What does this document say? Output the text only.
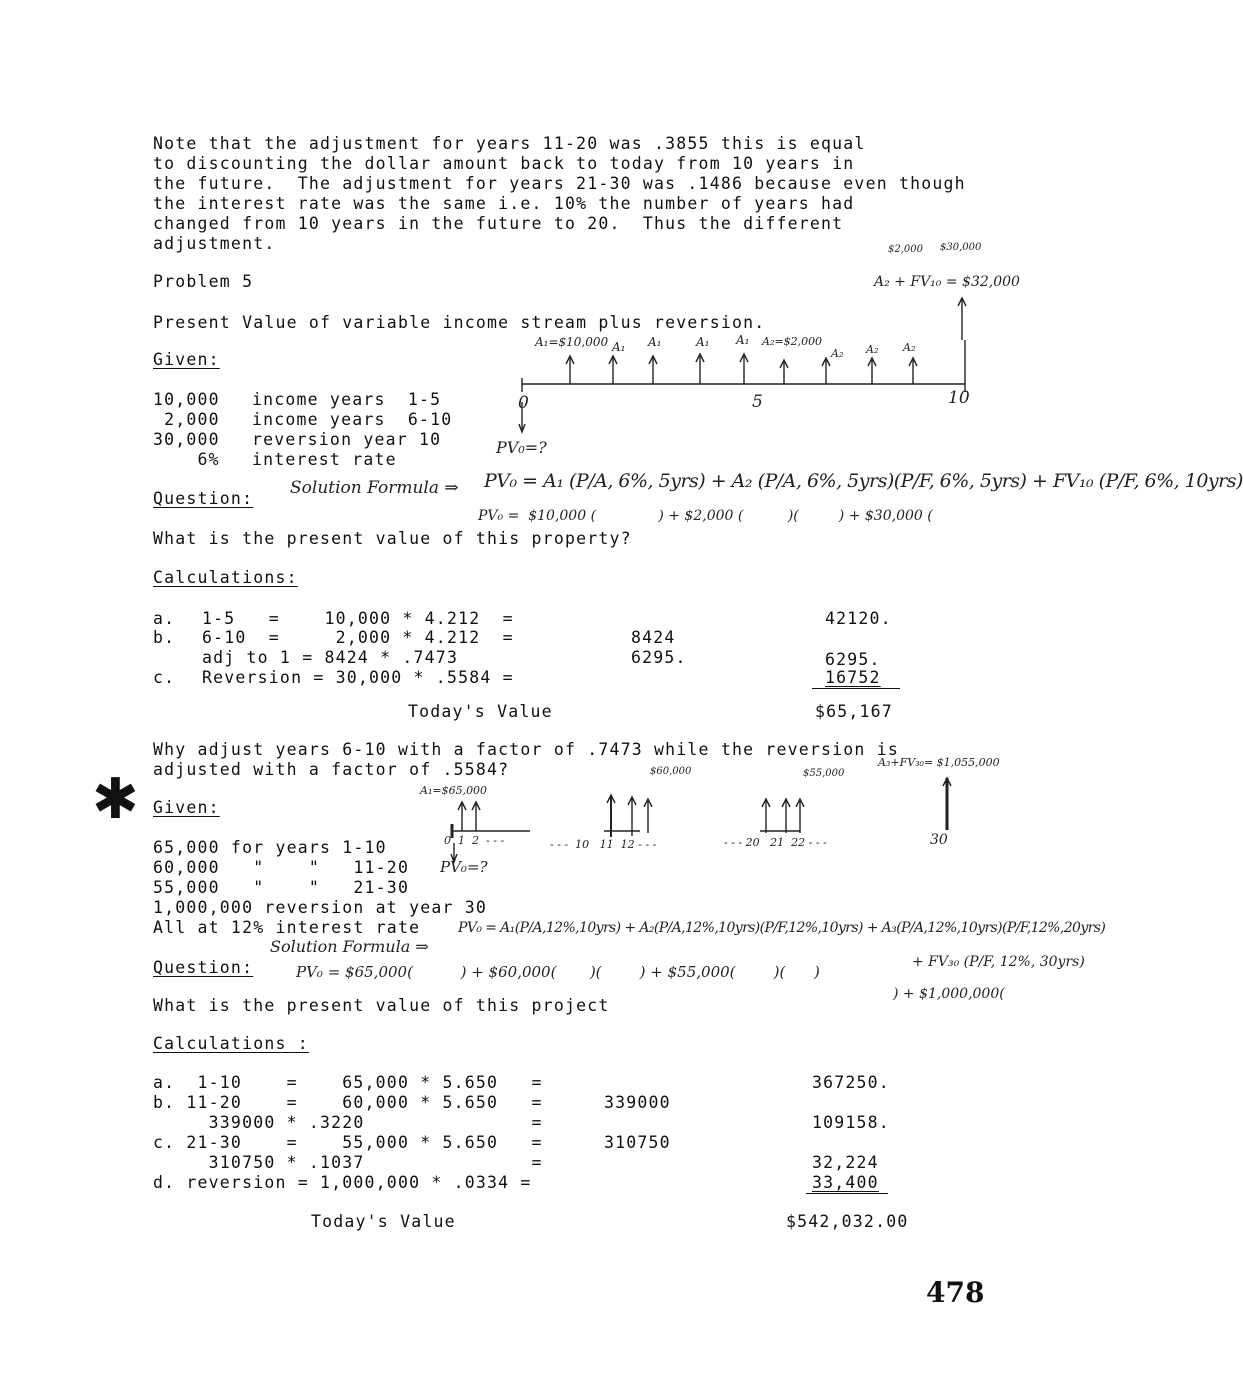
Note that the adjustment for years 11-20 was .3855 this is equal
to discounting the dollar amount back to today from 10 years in
the future.  The adjustment for years 21-30 was .1486 because even though
the interest rate was the same i.e. 10% the number of years had
changed from 10 years in the future to 20.  Thus the different
adjustment.
Problem 5
Present Value of variable income stream plus reversion.
Given:
10,000 income years  1-5
2,000 income years  6-10
30,000 reversion year 10
6% interest rate
Question:
What is the present value of this property?
Calculations:
a. 1-5   =    10,000 * 4.212  =	42120.
b. 6-10  =     2,000 * 4.212  =	8424
adj to 1 = 8424 * .7473	6295.	6295.
c. Reversion = 30,000 * .5584 =	16752
Today's Value	$65,167
Solution Formula ⇒ PV₀ = A₁ (P/A, 6%, 5yrs) + A₂ (P/A, 6%, 5yrs)(P/F, 6%, 5yrs) + FV₁₀ (P/F, 6%, 10yrs)
PV₀ =  $10,000 (              ) + $2,000 (          )(         ) + $30,000 (
PV₀=?
A₂ + FV₁₀ = $32,000
$2,000 $30,000
A₁=$10,000 A₁ A₁	A₁ A₁ A₂=$2,000
A₂ A₂ A₂
0	5	10
Why adjust years 6-10 with a factor of .7473 while the reversion is
adjusted with a factor of .5584?
✱ Given:
65,000 for years 1-10
60,000   "    "   11-20
55,000   "    "   21-30
1,000,000 reversion at year 30
All at 12% interest rate
Question:
What is the present value of this project
Calculations :
a.  1-10    =    65,000 * 5.650   =	367250.
b. 11-20    =    60,000 * 5.650   =	339000
339000 * .3220               =	109158.
c. 21-30    =    55,000 * 5.650   =	310750
310750 * .1037               =	32,224
d. reversion = 1,000,000 * .0334 =	33,400
Today's Value	$542,032.00
Solution Formula ⇒
PV₀ = A₁(P/A,12%,10yrs) + A₂(P/A,12%,10yrs)(P/F,12%,10yrs) + A₃(P/A,12%,10yrs)(P/F,12%,20yrs)
+ FV₃₀ (P/F, 12%, 30yrs)
PV₀ = $65,000(          ) + $60,000(       )(        ) + $55,000(        )(      )
) + $1,000,000(
PV₀=?
A₁=$65,000
$60,000	$55,000
A₃+FV₃₀= $1,055,000
0  1  2  - - -	- - -  10   11  12 - - -	- - - 20   21  22 - - -	30
478
